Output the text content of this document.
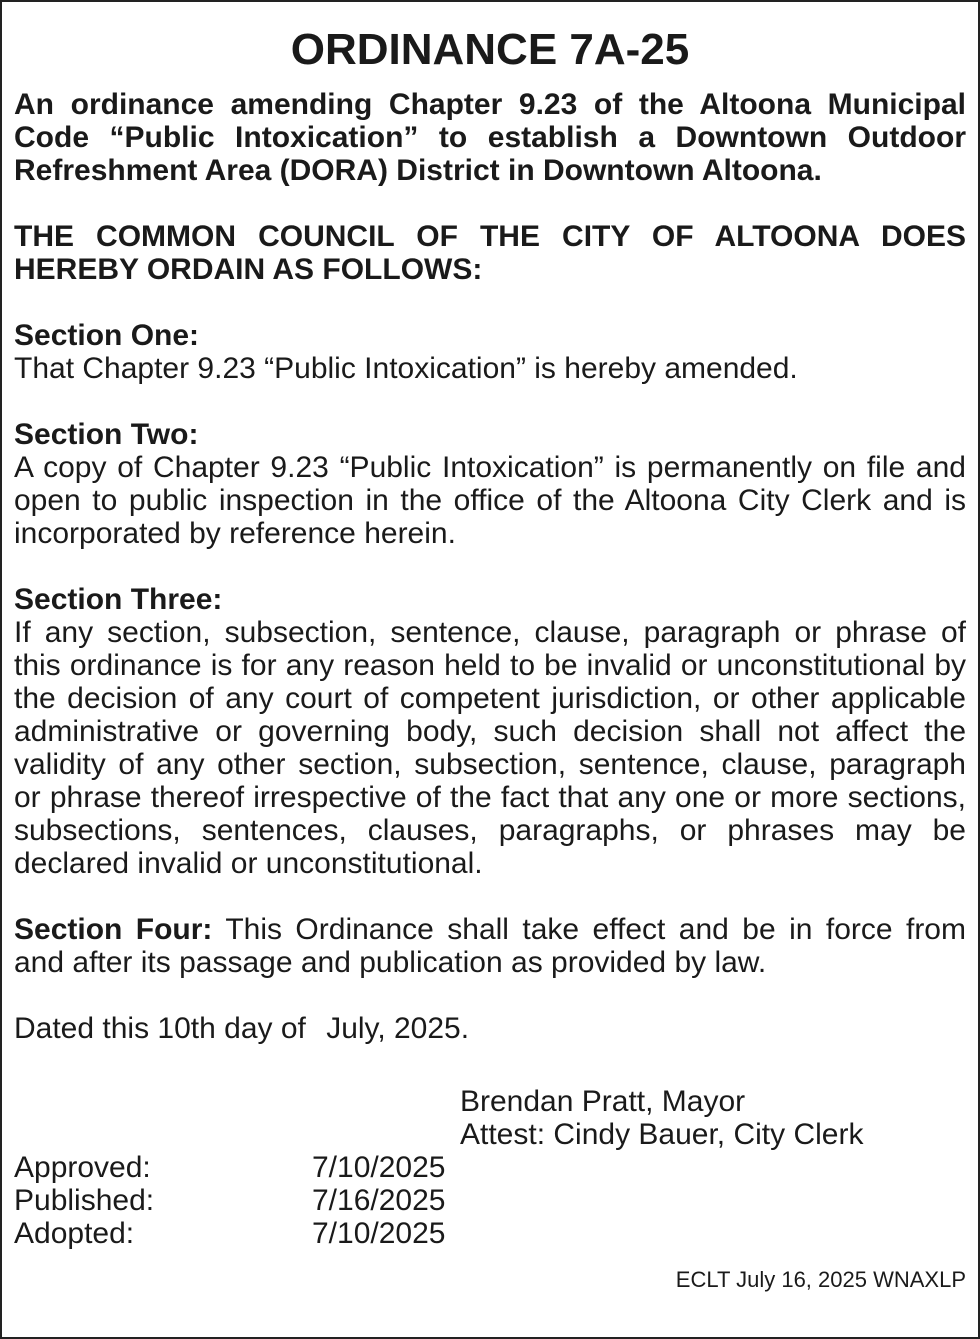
ORDINANCE 7A-25

An ordinance amending Chapter 9.23 of the Altoona Municipal Code “Public Intoxication” to establish a Downtown Outdoor Refreshment Area (DORA) District in Downtown Altoona.

THE COMMON COUNCIL OF THE CITY OF ALTOONA DOES HEREBY ORDAIN AS FOLLOWS:

Section One:
That Chapter 9.23 “Public Intoxication” is hereby amended.
Section Two:
A copy of Chapter 9.23 “Public Intoxication” is permanently on file and open to public inspection in the office of the Altoona City Clerk and is incorporated by reference herein.
Section Three:
If any section, subsection, sentence, clause, paragraph or phrase of this ordinance is for any reason held to be invalid or unconstitutional by the decision of any court of competent jurisdiction, or other applicable administrative or governing body, such decision shall not affect the validity of any other section, subsection, sentence, clause, paragraph or phrase thereof irrespective of the fact that any one or more sections, subsections, sentences, clauses, paragraphs, or phrases may be declared invalid or unconstitutional.
Section Four: This Ordinance shall take effect and be in force from and after its passage and publication as provided by law.
Dated this 10th day of July, 2025.
Brendan Pratt, Mayor
Attest: Cindy Bauer, City Clerk
Approved:	7/10/2025
Published:	7/16/2025
Adopted:	7/10/2025
ECLT July 16, 2025 WNAXLP
